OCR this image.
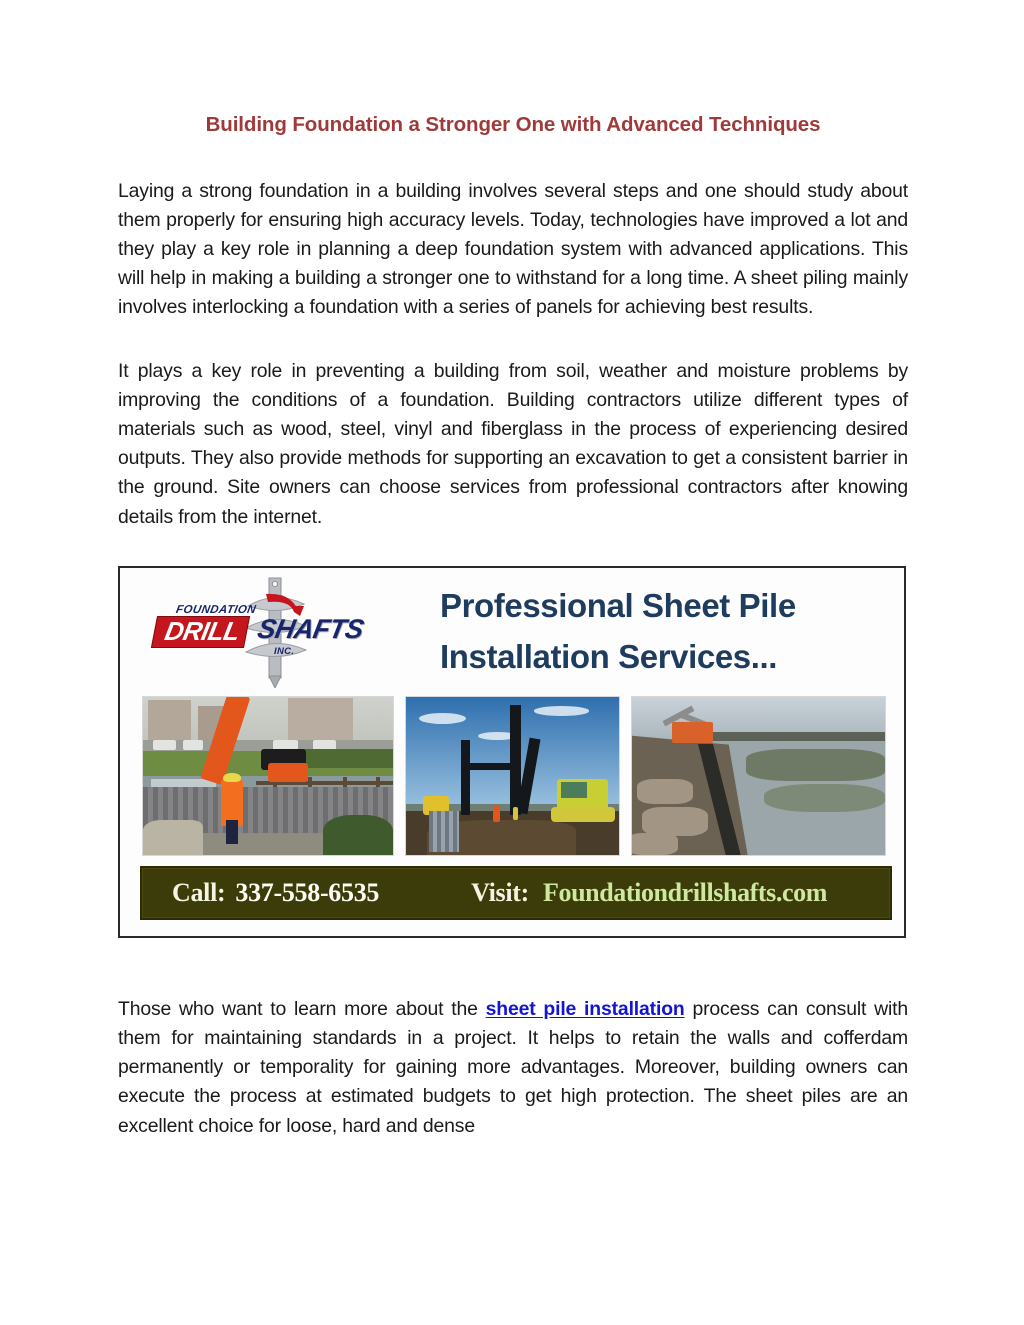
Building Foundation a Stronger One with Advanced Techniques

Laying a strong foundation in a building involves several steps and one should study about them properly for ensuring high accuracy levels. Today, technologies have improved a lot and they play a key role in planning a deep foundation system with advanced applications. This will help in making a building a stronger one to withstand for a long time. A sheet piling mainly involves interlocking a foundation with a series of panels for achieving best results.

It plays a key role in preventing a building from soil, weather and moisture problems by improving the conditions of a foundation. Building contractors utilize different types of materials such as wood, steel, vinyl and fiberglass in the process of experiencing desired outputs. They also provide methods for supporting an excavation to get a consistent barrier in the ground. Site owners can choose services from professional contractors after knowing details from the internet.

FOUNDATION
DRILL SHAFTS
INC.
Professional Sheet Pile
Installation Services...
Call: 337-558-6535	Visit: Foundationdrillshafts.com

Those who want to learn more about the sheet pile installation process can consult with them for maintaining standards in a project. It helps to retain the walls and cofferdam permanently or temporality for gaining more advantages. Moreover, building owners can execute the process at estimated budgets to get high protection. The sheet piles are an excellent choice for loose, hard and dense
